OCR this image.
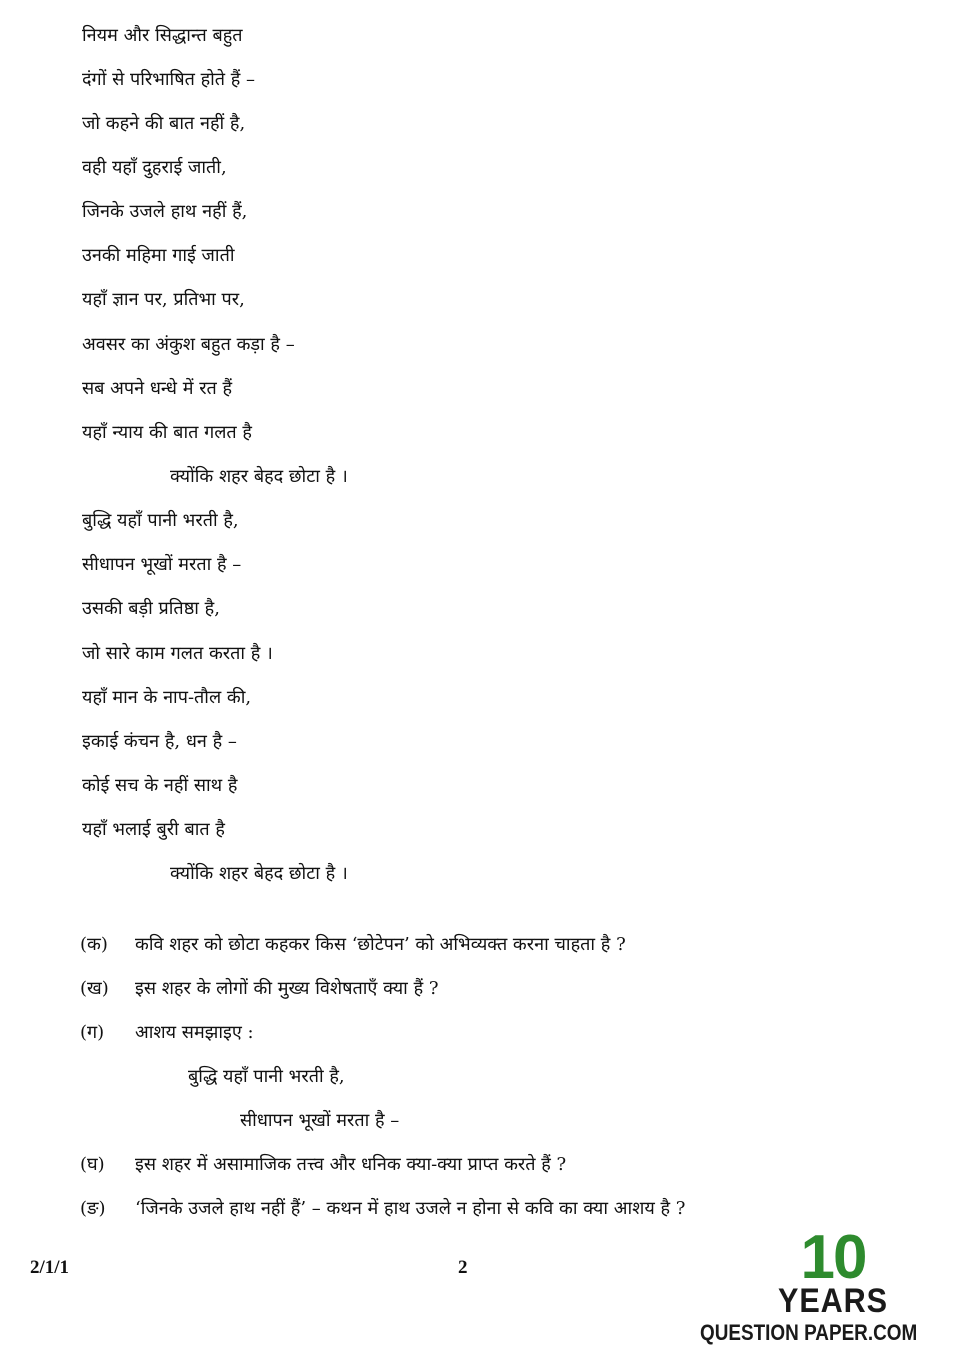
नियम और सिद्धान्त बहुत
दंगों से परिभाषित होते हैं –
जो कहने की बात नहीं है,
वही यहाँ दुहराई जाती,
जिनके उजले हाथ नहीं हैं,
उनकी महिमा गाई जाती
यहाँ ज्ञान पर, प्रतिभा पर,
अवसर का अंकुश बहुत कड़ा है –
सब अपने धन्धे में रत हैं
यहाँ न्याय की बात गलत है
क्योंकि शहर बेहद छोटा है ।
बुद्धि यहाँ पानी भरती है,
सीधापन भूखों मरता है –
उसकी बड़ी प्रतिष्ठा है,
जो सारे काम गलत करता है ।
यहाँ मान के नाप-तौल की,
इकाई कंचन है, धन है –
कोई सच के नहीं साथ है
यहाँ भलाई बुरी बात है
क्योंकि शहर बेहद छोटा है ।
(क) कवि शहर को छोटा कहकर किस ‘छोटेपन’ को अभिव्यक्त करना चाहता है ?
(ख) इस शहर के लोगों की मुख्य विशेषताएँ क्या हैं ?
(ग) आशय समझाइए :
बुद्धि यहाँ पानी भरती है,
सीधापन भूखों मरता है –
(घ) इस शहर में असामाजिक तत्त्व और धनिक क्या-क्या प्राप्त करते हैं ?
(ङ) ‘जिनके उजले हाथ नहीं हैं’ – कथन में हाथ उजले न होना से कवि का क्या आशय है ?
2/1/1	2	10
YEARS
QUESTION PAPER.COM
